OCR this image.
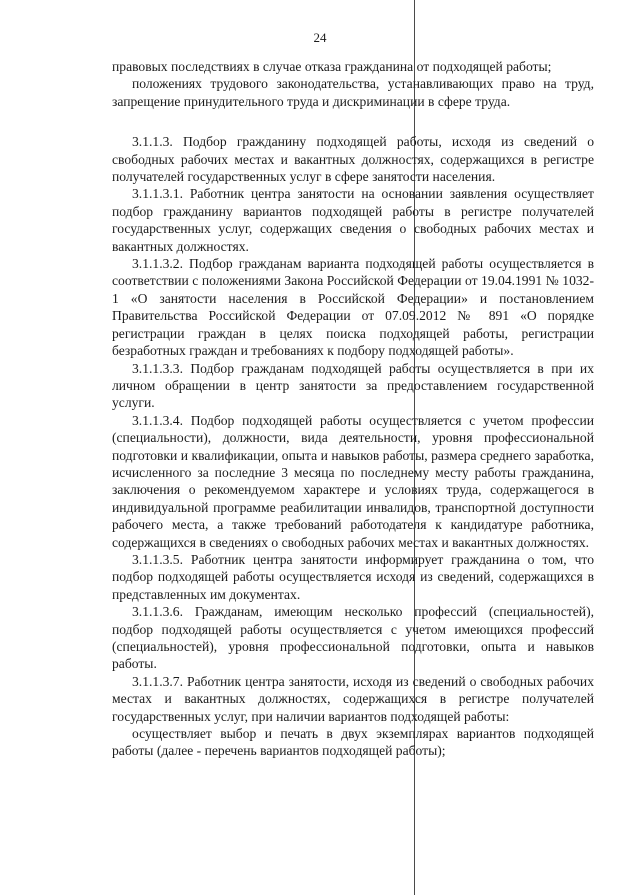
24

правовых последствиях в случае отказа гражданина от подходящей работы;

положениях трудового законодательства, устанавливающих право на труд, запрещение принудительного труда и дискриминации в сфере труда.

3.1.1.3. Подбор гражданину подходящей работы, исходя из сведений о свободных рабочих местах и вакантных должностях, содержащихся в регистре получателей государственных услуг в сфере занятости населения.

3.1.1.3.1. Работник центра занятости на основании заявления осуществляет подбор гражданину вариантов подходящей работы в регистре получателей государственных услуг, содержащих сведения о свободных рабочих местах и вакантных должностях.

3.1.1.3.2. Подбор гражданам варианта подходящей работы осуществляется в соответствии с положениями Закона Российской Федерации от 19.04.1991 № 1032-1 «О занятости населения в Российской Федерации» и постановлением Правительства Российской Федерации от 07.09.2012 № 891 «О порядке регистрации граждан в целях поиска подходящей работы, регистрации безработных граждан и требованиях к подбору подходящей работы».

3.1.1.3.3. Подбор гражданам подходящей работы осуществляется в при их личном обращении в центр занятости за предоставлением государственной услуги.

3.1.1.3.4. Подбор подходящей работы осуществляется с учетом профессии (специальности), должности, вида деятельности, уровня профессиональной подготовки и квалификации, опыта и навыков работы, размера среднего заработка, исчисленного за последние 3 месяца по последнему месту работы гражданина, заключения о рекомендуемом характере и условиях труда, содержащегося в индивидуальной программе реабилитации инвалидов, транспортной доступности рабочего места, а также требований работодателя к кандидатуре работника, содержащихся в сведениях о свободных рабочих местах и вакантных должностях.

3.1.1.3.5. Работник центра занятости информирует гражданина о том, что подбор подходящей работы осуществляется исходя из сведений, содержащихся в представленных им документах.

3.1.1.3.6. Гражданам, имеющим несколько профессий (специальностей), подбор подходящей работы осуществляется с учетом имеющихся профессий (специальностей), уровня профессиональной подготовки, опыта и навыков работы.

3.1.1.3.7. Работник центра занятости, исходя из сведений о свободных рабочих местах и вакантных должностях, содержащихся в регистре получателей государственных услуг, при наличии вариантов подходящей работы:

осуществляет выбор и печать в двух экземплярах вариантов подходящей работы (далее - перечень вариантов подходящей работы);
